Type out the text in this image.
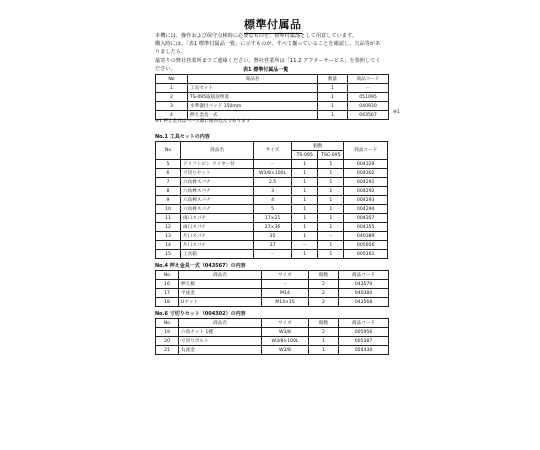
標準付属品
本機には、操作および保守点検時に必要なものを、標準付属品として用意しています。
購入時には、「表1 標準付属品一覧」に示すものが、すべて揃っていることを確認し、欠品等がありましたら、
最寄りの弊社営業所までご連絡ください。弊社営業所は「11.2 アフターサービス」を参照してください。	表1 標準付属品一覧
No	商品名	数量	商品コード
1	工具セット	1	－
2	TS-095取扱説明書	1	051095
3	水準器付パッド 150mm	1	040930
4	押え金具一式	1	043567	※1
※1 押え金具はベース部に組み込んであります
No.1 工具セットの内容
No	商品名	サイズ	個数		商品コード
			TS-095	TSC-095	
5	ドリフトピン ワイヤー付	－	1	1	004329
6	寸切りセット	W3/8×100L	1	1	004302
7	六角棒スパナ	2.5	1	1	004291
8	六角棒スパナ	3	1	1	004292
9	六角棒スパナ	4	1	1	004293
10	六角棒スパナ	5	1	1	004294
11	両口スパナ	17×21	1	1	004357
12	両口スパナ	27×36	1	1	004355
13	片口スパナ	35	1	－	040389
14	片口スパナ	37	－	1	005956
15	工具箱	－	1	1	005161
No.4 押え金具一式（043567）の内容
No	商品名	サイズ	個数	商品コード
16	押え板	－	2	043570
17	平座金	M14	2	040380
18	Uナット	M14×15	2	043568
No.6 寸切りセット（004302）の内容
No	商品名	サイズ	個数	商品コード
19	六角ナット 1種	W3/8	2	005956
20	寸切りボルト	W3/8×100L	1	005387
21	丸座金	W3/8	1	004430
